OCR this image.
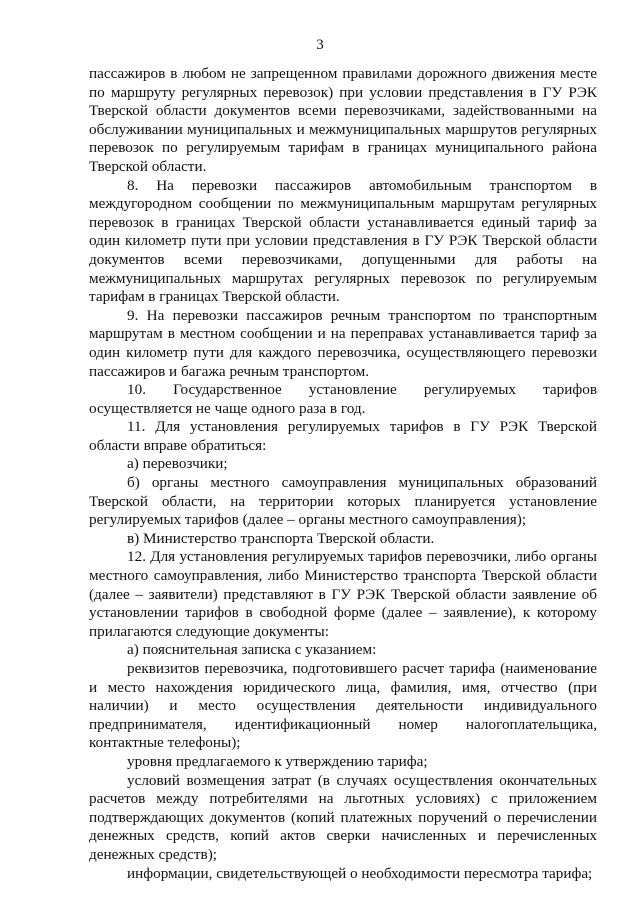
3

пассажиров в любом не запрещенном правилами дорожного движения месте по маршруту регулярных перевозок) при условии представления в ГУ РЭК Тверской области документов всеми перевозчиками, задействованными на обслуживании муниципальных и межмуниципальных маршрутов регулярных перевозок по регулируемым тарифам в границах муниципального района Тверской области.

8. На перевозки пассажиров автомобильным транспортом в междугородном сообщении по межмуниципальным маршрутам регулярных перевозок в границах Тверской области устанавливается единый тариф за один километр пути при условии представления в ГУ РЭК Тверской области документов всеми перевозчиками, допущенными для работы на межмуниципальных маршрутах регулярных перевозок по регулируемым тарифам в границах Тверской области.

9. На перевозки пассажиров речным транспортом по транспортным маршрутам в местном сообщении и на переправах устанавливается тариф за один километр пути для каждого перевозчика, осуществляющего перевозки пассажиров и багажа речным транспортом.

10. Государственное установление регулируемых тарифов осуществляется не чаще одного раза в год.

11. Для установления регулируемых тарифов в ГУ РЭК Тверской области вправе обратиться:

а) перевозчики;

б) органы местного самоуправления муниципальных образований Тверской области, на территории которых планируется установление регулируемых тарифов (далее – органы местного самоуправления);

в) Министерство транспорта Тверской области.

12. Для установления регулируемых тарифов перевозчики, либо органы местного самоуправления, либо Министерство транспорта Тверской области (далее – заявители) представляют в ГУ РЭК Тверской области заявление об установлении тарифов в свободной форме (далее – заявление), к которому прилагаются следующие документы:

а) пояснительная записка с указанием:

реквизитов перевозчика, подготовившего расчет тарифа (наименование и место нахождения юридического лица, фамилия, имя, отчество (при наличии) и место осуществления деятельности индивидуального предпринимателя, идентификационный номер налогоплательщика, контактные телефоны);

уровня предлагаемого к утверждению тарифа;

условий возмещения затрат (в случаях осуществления окончательных расчетов между потребителями на льготных условиях) с приложением подтверждающих документов (копий платежных поручений о перечислении денежных средств, копий актов сверки начисленных и перечисленных денежных средств);

информации, свидетельствующей о необходимости пересмотра тарифа;
